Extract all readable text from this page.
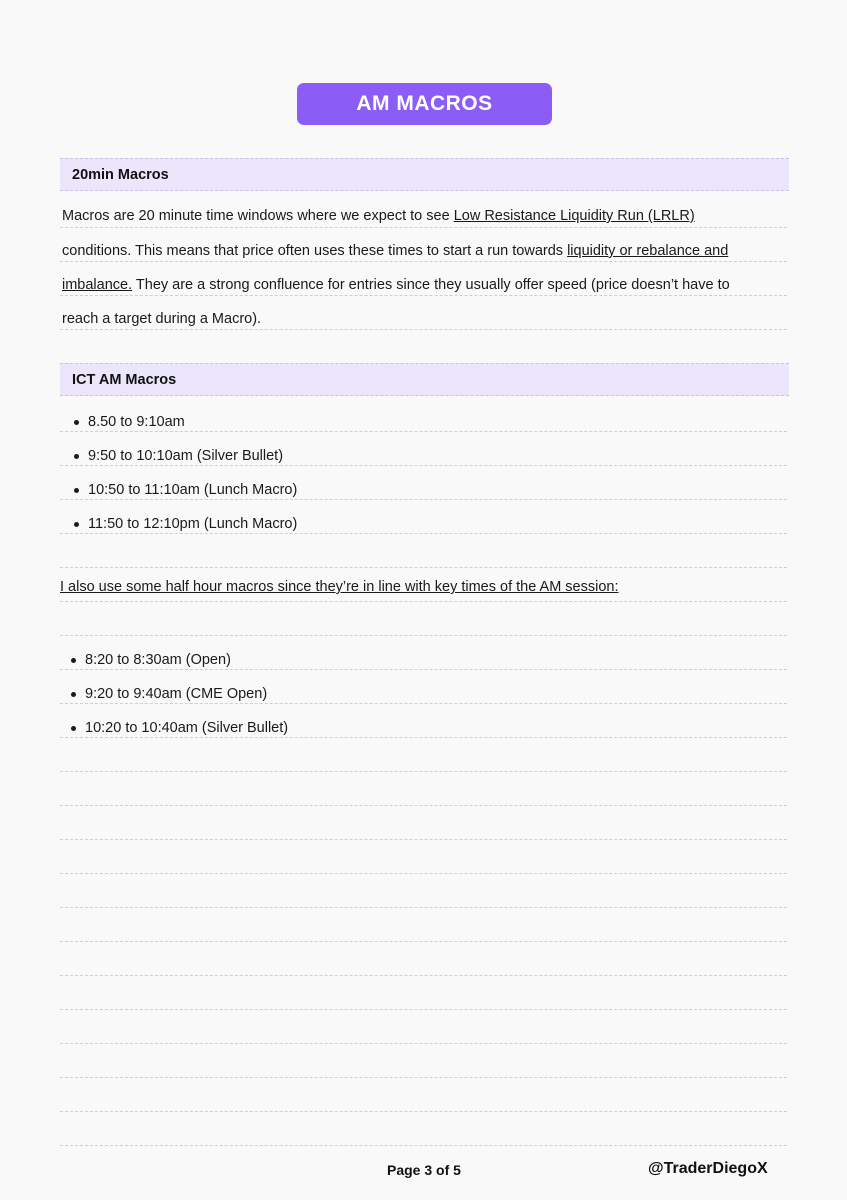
AM MACROS
20min Macros
Macros are 20 minute time windows where we expect to see Low Resistance Liquidity Run (LRLR)
conditions. This means that price often uses these times to start a run towards liquidity or rebalance and
imbalance. They are a strong confluence for entries since they usually offer speed (price doesn’t have to
reach a target during a Macro).
ICT AM Macros
8.50 to 9:10am
9:50 to 10:10am (Silver Bullet)
10:50 to 11:10am (Lunch Macro)
11:50 to 12:10pm (Lunch Macro)
I also use some half hour macros since they’re in line with key times of the AM session:
8:20 to 8:30am (Open)
9:20 to 9:40am (CME Open)
10:20 to 10:40am (Silver Bullet)
Page 3 of 5	@TraderDiegoX
